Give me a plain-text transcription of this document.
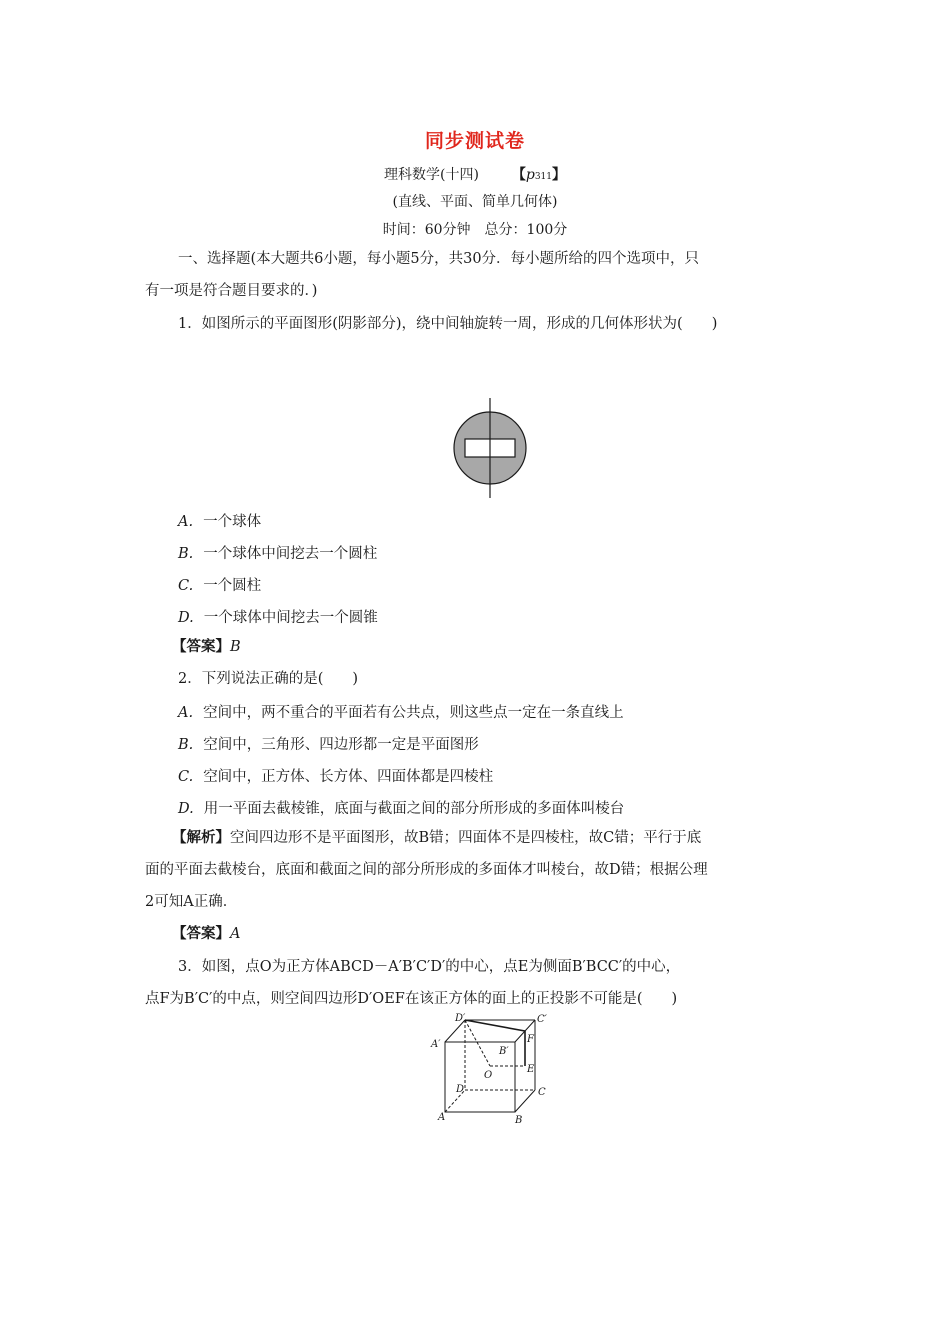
同步测试卷
理科数学(十四) 【p311】
(直线、平面、简单几何体)
时间：60分钟　总分：100分
一、选择题(本大题共6小题，每小题5分，共30分．每小题所给的四个选项中，只
有一项是符合题目要求的．)
1．如图所示的平面图形(阴影部分)，绕中间轴旋转一周，形成的几何体形状为(　　)
A. 一个球体
B. 一个球体中间挖去一个圆柱
C. 一个圆柱
D. 一个球体中间挖去一个圆锥
【答案】B
2．下列说法正确的是(　　)
A. 空间中，两不重合的平面若有公共点，则这些点一定在一条直线上
B. 空间中，三角形、四边形都一定是平面图形
C. 空间中，正方体、长方体、四面体都是四棱柱
D. 用一平面去截棱锥，底面与截面之间的部分所形成的多面体叫棱台
【解析】空间四边形不是平面图形，故B错；四面体不是四棱柱，故C错；平行于底
面的平面去截棱台，底面和截面之间的部分所形成的多面体才叫棱台，故D错；根据公理
2可知A正确．
【答案】A
3．如图，点O为正方体ABCD－A′B′C′D′的中心，点E为侧面B′BCC′的中心，
点F为B′C′的中点，则空间四边形D′OEF在该正方体的面上的正投影不可能是(　　)
D′	C′
A′
B′
F
O
E
D	C
A	B
